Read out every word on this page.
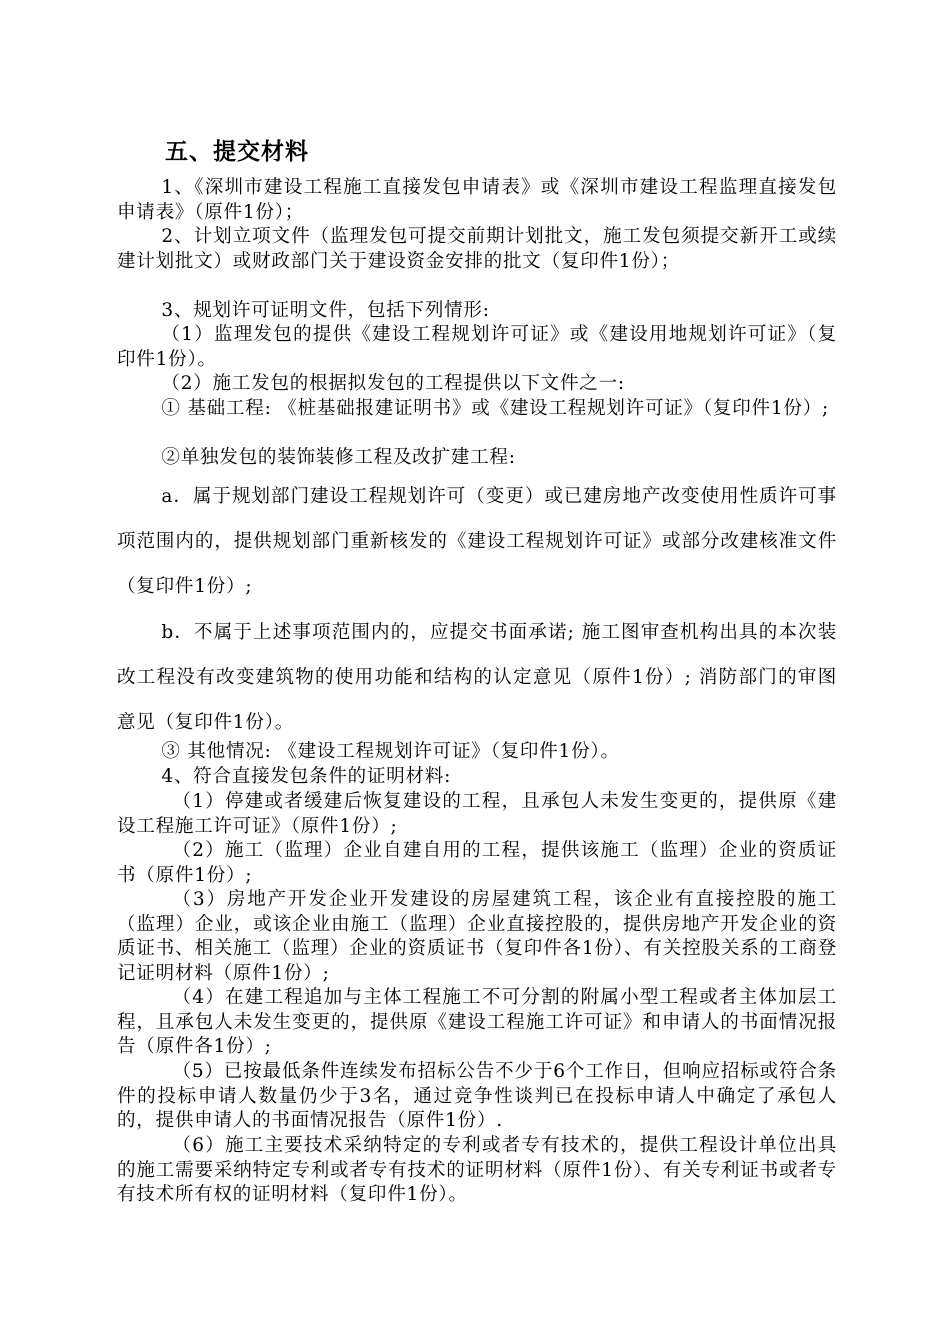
五、提交材料

1、《深圳市建设工程施工直接发包申请表》或《深圳市建设工程监理直接发包申请表》（原件1份）；

2、计划立项文件（监理发包可提交前期计划批文，施工发包须提交新开工或续建计划批文）或财政部门关于建设资金安排的批文（复印件1份）；

3、规划许可证明文件，包括下列情形:

（1）监理发包的提供《建设工程规划许可证》或《建设用地规划许可证》（复印件1份）。

（2）施工发包的根据拟发包的工程提供以下文件之一:

① 基础工程: 《桩基础报建证明书》或《建设工程规划许可证》（复印件1份）;

②单独发包的装饰装修工程及改扩建工程:

a．属于规划部门建设工程规划许可（变更）或已建房地产改变使用性质许可事项范围内的，提供规划部门重新核发的《建设工程规划许可证》或部分改建核准文件（复印件1份）;

b．不属于上述事项范围内的，应提交书面承诺; 施工图审查机构出具的本次装改工程没有改变建筑物的使用功能和结构的认定意见（原件1份）; 消防部门的审图意见（复印件1份）。

③ 其他情况: 《建设工程规划许可证》（复印件1份）。

4、符合直接发包条件的证明材料:

（1）停建或者缓建后恢复建设的工程，且承包人未发生变更的，提供原《建设工程施工许可证》（原件1份）;

（2）施工（监理）企业自建自用的工程，提供该施工（监理）企业的资质证书（原件1份）;

（3）房地产开发企业开发建设的房屋建筑工程，该企业有直接控股的施工（监理）企业，或该企业由施工（监理）企业直接控股的，提供房地产开发企业的资质证书、相关施工（监理）企业的资质证书（复印件各1份）、有关控股关系的工商登记证明材料（原件1份）;

（4）在建工程追加与主体工程施工不可分割的附属小型工程或者主体加层工程，且承包人未发生变更的，提供原《建设工程施工许可证》和申请人的书面情况报告（原件各1份）;

（5）已按最低条件连续发布招标公告不少于6个工作日，但响应招标或符合条件的投标申请人数量仍少于3名，通过竞争性谈判已在投标申请人中确定了承包人的，提供申请人的书面情况报告（原件1份）.

（6）施工主要技术采纳特定的专利或者专有技术的，提供工程设计单位出具的施工需要采纳特定专利或者专有技术的证明材料（原件1份）、有关专利证书或者专有技术所有权的证明材料（复印件1份）。
